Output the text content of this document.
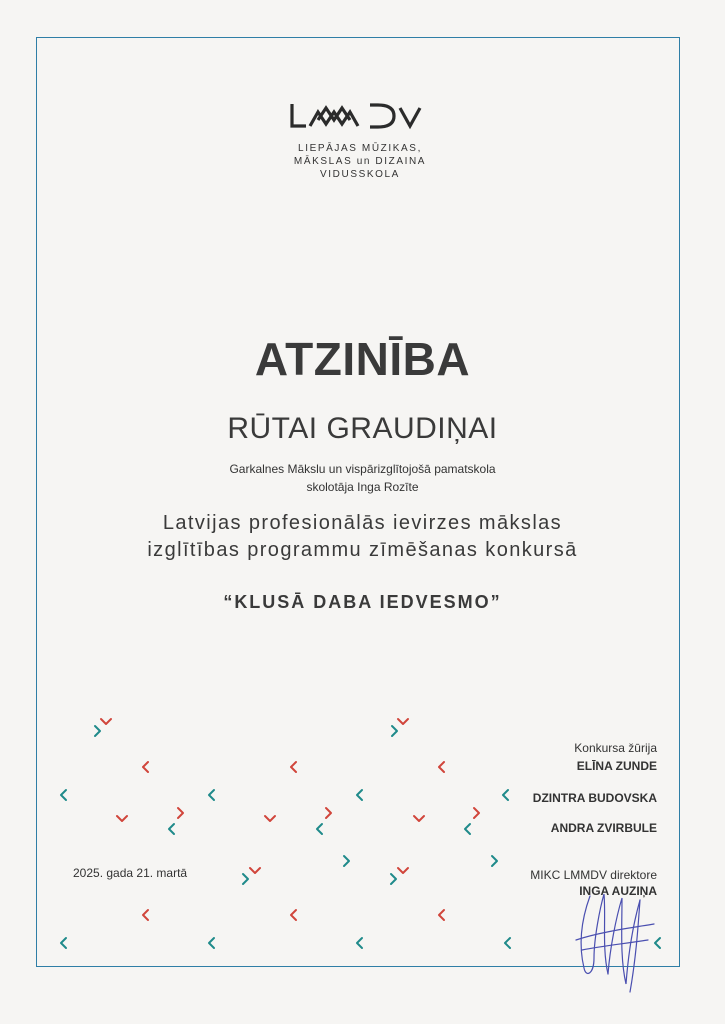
LIEPĀJAS MŪZIKAS,
MĀKSLAS un DIZAINA
VIDUSSKOLA
ATZINĪBA
RŪTAI GRAUDIŅAI
Garkalnes Mākslu un vispārizglītojošā pamatskola
skolotāja Inga Rozīte
Latvijas profesionālās ievirzes mākslas
izglītības programmu zīmēšanas konkursā
“KLUSĀ DABA IEDVESMO”
Konkursa žūrija
ELĪNA ZUNDE
DZINTRA BUDOVSKA
ANDRA ZVIRBULE
2025. gada 21. martā	MIKC LMMDV direktore
INGA AUZIŅA
